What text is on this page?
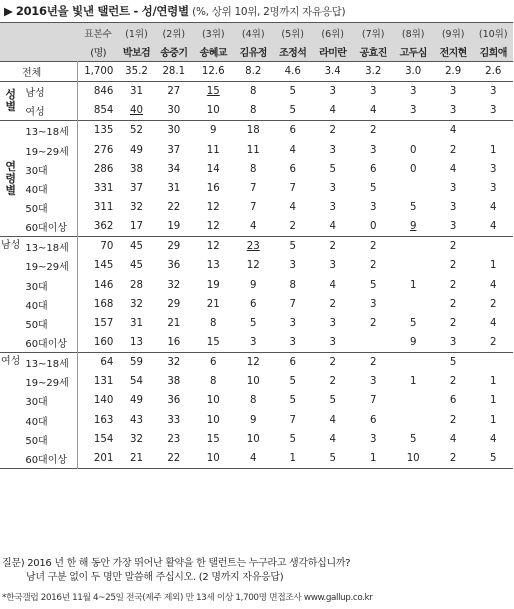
▶ 2016년을 빛낸 탤런트 - 성/연령별 (%, 상위 10위, 2명까지 자유응답)
		표본수	(1위)	(2위)	(3위)	(4위)	(5위)	(6위)	(7위)	(8위)	(9위)	(10위)
		(명)	박보검	송중기	송혜교	김유정	조정석	라미란	공효진	고두심	전지현	김희애
전체		1,700	35.2	28.1	12.6	8.2	4.6	3.4	3.2	3.0	2.9	2.6
성
별	남성	846	31	27	15	8	5	3	3	3	3	3
	여성	854	40	30	10	8	5	4	4	3	3	3
연
령
별	13~18세	135	52	30	9	18	6	2	2		4	
	19~29세	276	49	37	11	11	4	3	3	0	2	1
	30대	286	38	34	14	8	6	5	6	0	4	3
	40대	331	37	31	16	7	7	3	5		3	3
	50대	311	32	22	12	7	4	3	3	5	3	4
	60대이상	362	17	19	12	4	2	4	0	9	3	4
남성	13~18세	70	45	29	12	23	5	2	2		2	
	19~29세	145	45	36	13	12	3	3	2		2	1
	30대	146	28	32	19	9	8	4	5	1	2	4
	40대	168	32	29	21	6	7	2	3		2	2
	50대	157	31	21	8	5	3	3	2	5	2	4
	60대이상	160	13	16	15	3	3	3		9	3	2
여성	13~18세	64	59	32	6	12	6	2	2		5	
	19~29세	131	54	38	8	10	5	2	3	1	2	1
	30대	140	49	36	10	8	5	5	7		6	1
	40대	163	43	33	10	9	7	4	6		2	1
	50대	154	32	23	15	10	5	4	3	5	4	4
	60대이상	201	21	22	10	4	1	5	1	10	2	5
질문) 2016 년 한 해 동안 가장 뛰어난 활약을 한 탤런트는 누구라고 생각하십니까?
남녀 구분 없이 두 명만 말씀해 주십시오. (2 명까지 자유응답)
*한국갤럽 2016년 11월 4~25일 전국(제주 제외) 만 13세 이상 1,700명 면접조사 www.gallup.co.kr
